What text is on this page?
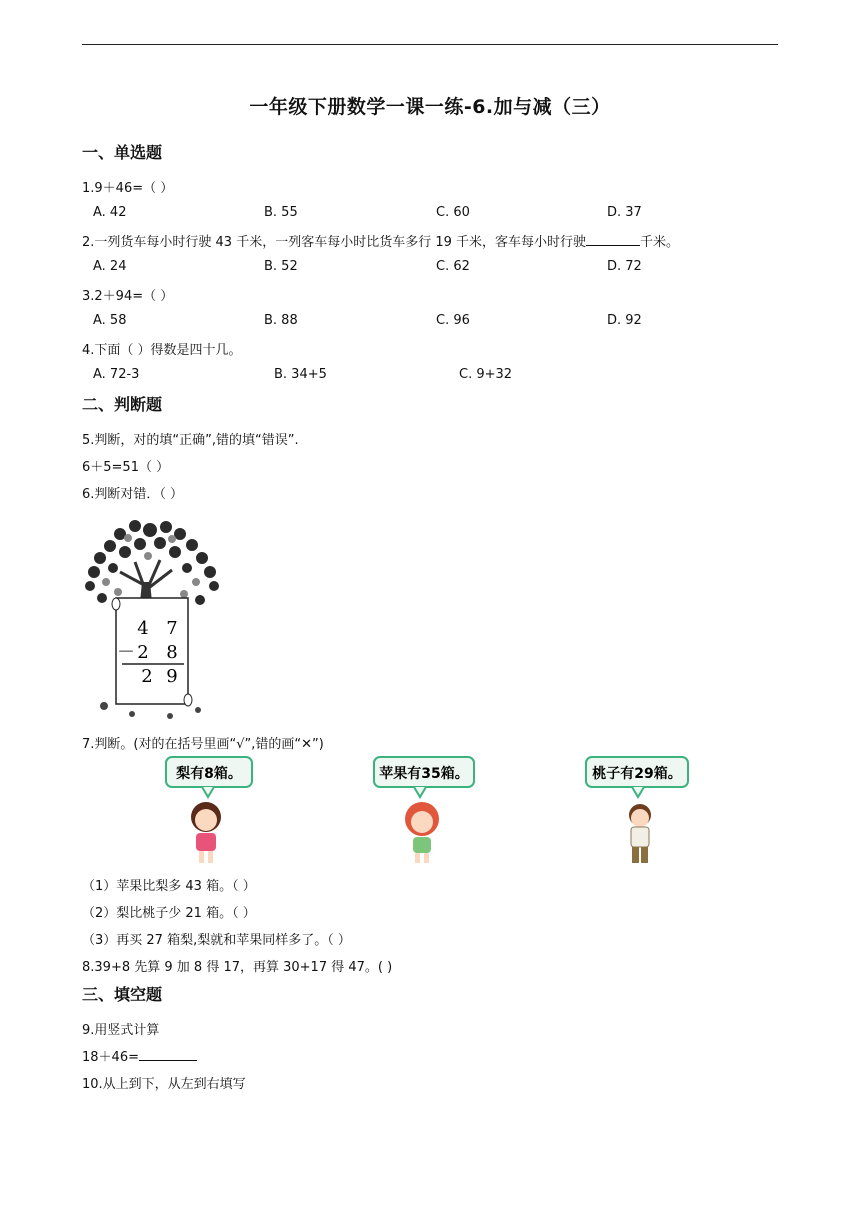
一年级下册数学一课一练-6.加与减（三）
一、单选题
1.9＋46=（ ）
A. 42	B. 55	C. 60	D. 37
2.一列货车每小时行驶 43 千米，一列客车每小时比货车多行 19 千米，客车每小时行驶	千米。
A. 24	B. 52	C. 62	D. 72
3.2＋94=（ ）
A. 58	B. 88	C. 96	D. 92
4.下面（ ）得数是四十几。
A. 72-3	B. 34+5	C. 9+32
二、判断题
5.判断，对的填“正确”,错的填“错误”.
6＋5=51（ ）
6.判断对错．（ ）
4 7
－ 2 8
2 9
7.判断。(对的在括号里画“√”,错的画“✕”)
梨有8箱。	苹果有35箱。	桃子有29箱。
（1）苹果比梨多 43 箱。（ ）
（2）梨比桃子少 21 箱。（ ）
（3）再买 27 箱梨,梨就和苹果同样多了。（ ）
8.39+8 先算 9 加 8 得 17，再算 30+17 得 47。( )
三、填空题
9.用竖式计算
18＋46=
10.从上到下，从左到右填写
